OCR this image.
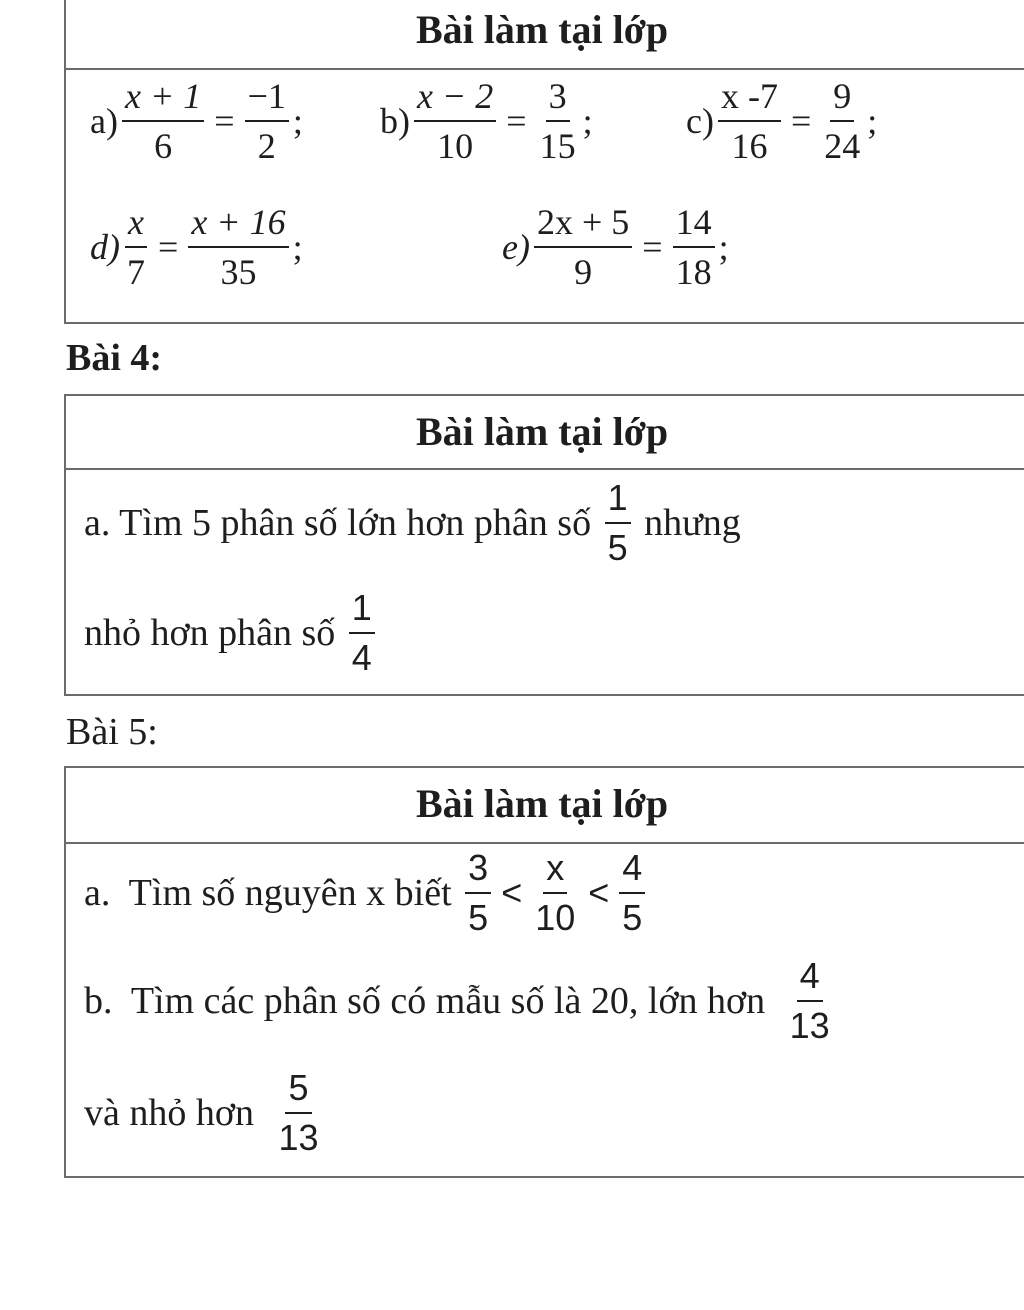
Bài làm tại lớp
$a) \frac{x + 1}{6} = \frac{-1}{2}$ ; $b) \frac{x - 2}{10} = \frac{3}{15}$ ;	$c) \frac{x -7}{16} = \frac{9}{24}$ ;
$d) \frac{x}{7} = \frac{x + 16}{35}$ ;	$e) \frac{2x + 5}{9} = \frac{14}{18}$ ;
Bài 4:
Bài làm tại lớp
a. Tìm 5 phân số lớn hơn phân số $\frac{1}{5}$ nhưng
nhỏ hơn phân số $\frac{1}{4}$
Bài 5:
Bài làm tại lớp
a.  Tìm số nguyên x biết $\frac{3}{5} < \frac{x}{10} < \frac{4}{5}$
b.  Tìm các phân số có mẫu số là 20, lớn hơn $\frac{4}{13}$
và nhỏ hơn $\frac{5}{13}$
